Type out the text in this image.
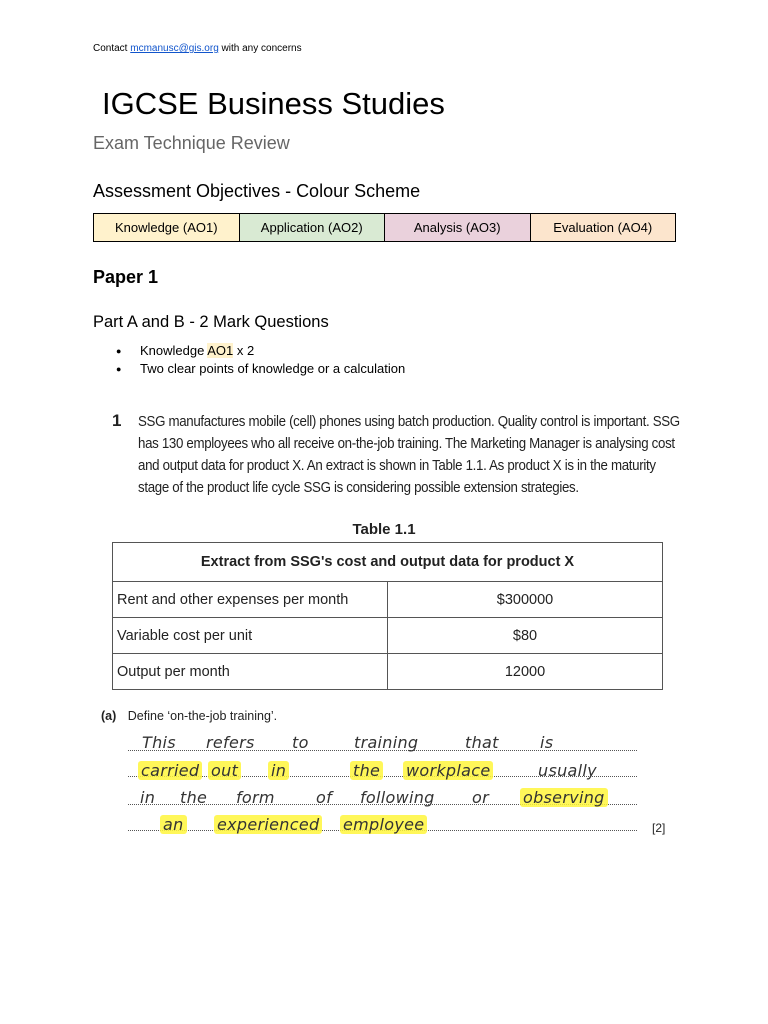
Contact mcmanusc@gis.org with any concerns
IGCSE Business Studies
Exam Technique Review
Assessment Objectives - Colour Scheme
Knowledge (AO1)	Application (AO2)	Analysis (AO3)	Evaluation (AO4)
Paper 1
Part A and B - 2 Mark Questions
● Knowledge AO1 x 2
● Two clear points of knowledge or a calculation
1 SSG manufactures mobile (cell) phones using batch production. Quality control is important. SSG
has 130 employees who all receive on-the-job training. The Marketing Manager is analysing cost
and output data for product X. An extract is shown in Table 1.1. As product X is in the maturity
stage of the product life cycle SSG is considering possible extension strategies.
Table 1.1
Extract from SSG's cost and output data for product X	
Rent and other expenses per month	$300000
Variable cost per unit	$80
Output per month	12000
(a) Define ‘on-the-job training’.
This refers to	training	that	is
carried out in	the workplace	usually
in the form	of following or observing
an experienced employee	[2]
